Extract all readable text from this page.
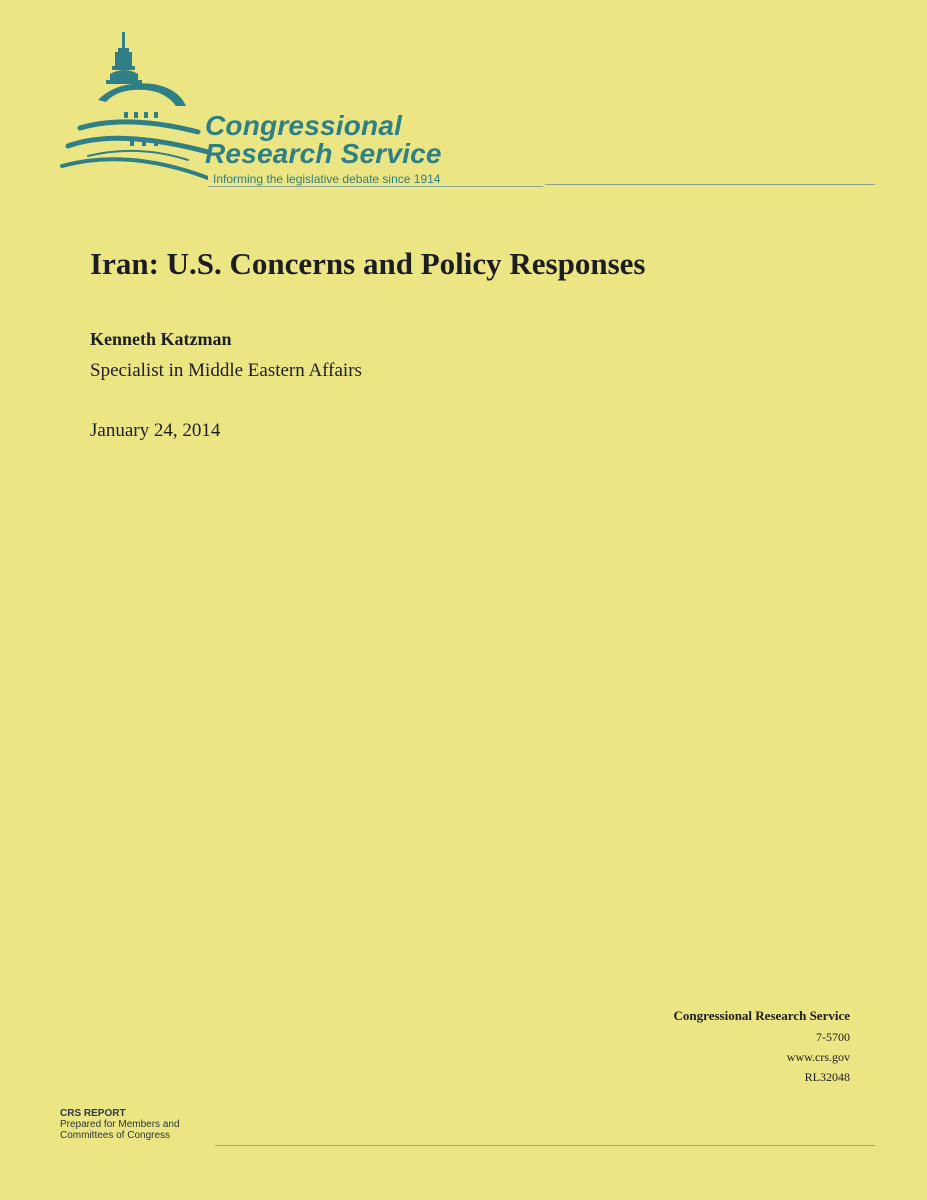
Congressional
Research Service
Informing the legislative debate since 1914
Iran: U.S. Concerns and Policy Responses
Kenneth Katzman
Specialist in Middle Eastern Affairs
January 24, 2014
Congressional Research Service
7-5700
www.crs.gov
RL32048
CRS REPORT
Prepared for Members and
Committees of Congress
